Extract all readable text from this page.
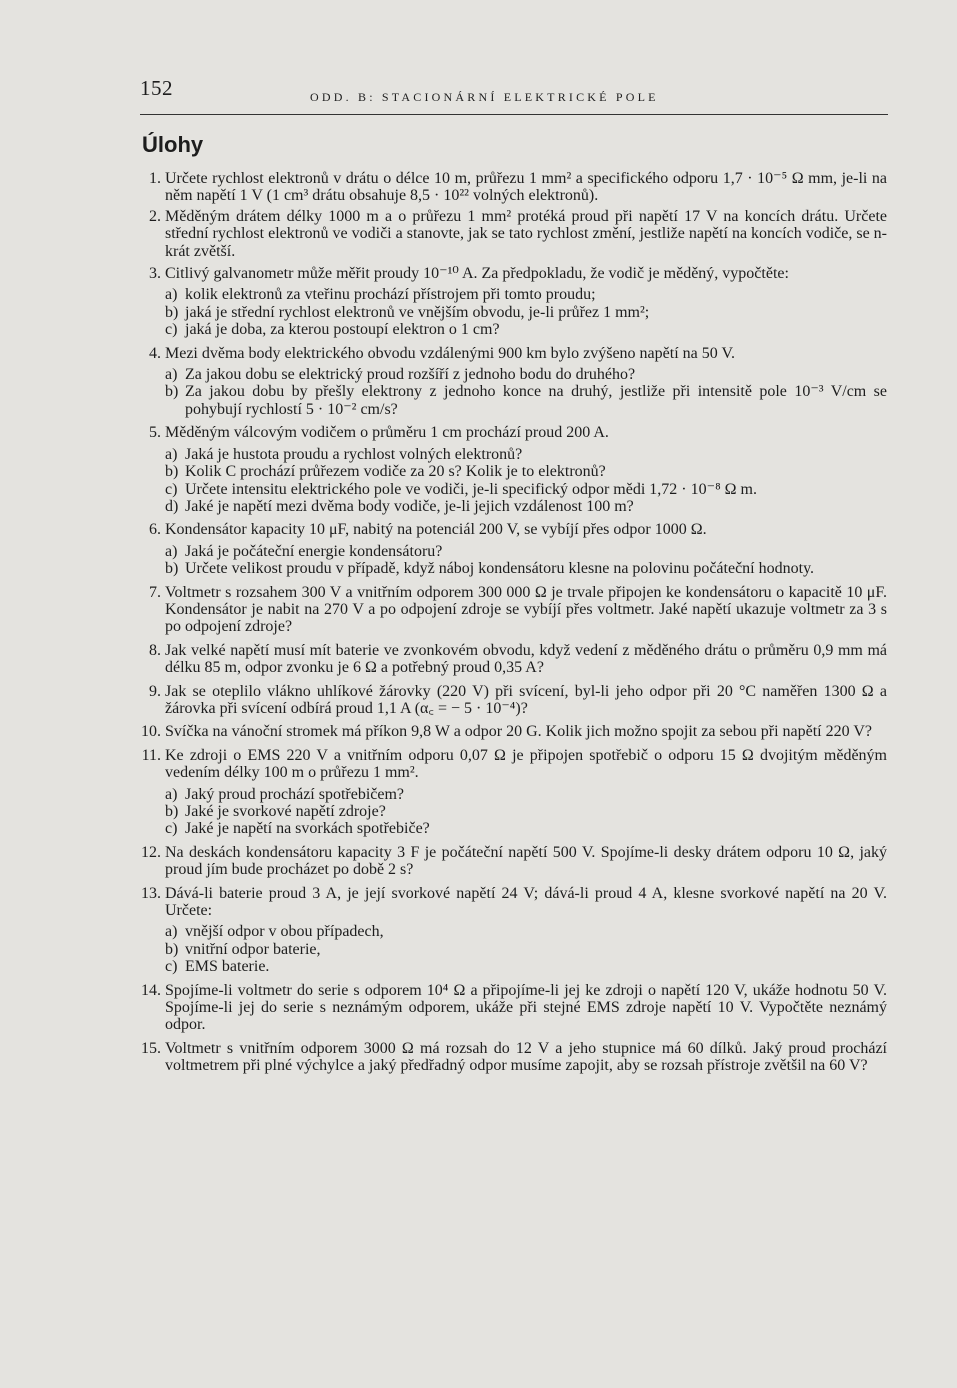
152	ODD. B: STACIONÁRNÍ ELEKTRICKÉ POLE
Úlohy
1. Určete rychlost elektronů v drátu o délce 10 m, průřezu 1 mm² a specifického odporu 1,7 · 10⁻⁵ Ω mm, je-li na něm napětí 1 V (1 cm³ drátu obsahuje 8,5 · 10²² volných elektronů).
2. Měděným drátem délky 1000 m a o průřezu 1 mm² protéká proud při napětí 17 V na koncích drátu. Určete střední rychlost elektronů ve vodiči a stanovte, jak se tato rychlost změní, jestliže napětí na koncích vodiče, se n-krát zvětší.
3. Citlivý galvanometr může měřit proudy 10⁻¹⁰ A. Za předpokladu, že vodič je měděný, vypočtěte:
a) kolik elektronů za vteřinu prochází přístrojem při tomto proudu;
b) jaká je střední rychlost elektronů ve vnějším obvodu, je-li průřez 1 mm²;
c) jaká je doba, za kterou postoupí elektron o 1 cm?
4. Mezi dvěma body elektrického obvodu vzdálenými 900 km bylo zvýšeno napětí na 50 V.
a) Za jakou dobu se elektrický proud rozšíří z jednoho bodu do druhého?
b) Za jakou dobu by přešly elektrony z jednoho konce na druhý, jestliže při intensitě pole 10⁻³ V/cm se pohybují rychlostí 5 · 10⁻² cm/s?
5. Měděným válcovým vodičem o průměru 1 cm prochází proud 200 A.
a) Jaká je hustota proudu a rychlost volných elektronů?
b) Kolik C prochází průřezem vodiče za 20 s? Kolik je to elektronů?
c) Určete intensitu elektrického pole ve vodiči, je-li specifický odpor mědi 1,72 · 10⁻⁸ Ω m.
d) Jaké je napětí mezi dvěma body vodiče, je-li jejich vzdálenost 100 m?
6. Kondensátor kapacity 10 μF, nabitý na potenciál 200 V, se vybíjí přes odpor 1000 Ω.
a) Jaká je počáteční energie kondensátoru?
b) Určete velikost proudu v případě, když náboj kondensátoru klesne na polovinu počáteční hodnoty.
7. Voltmetr s rozsahem 300 V a vnitřním odporem 300 000 Ω je trvale připojen ke kondensátoru o kapacitě 10 μF. Kondensátor je nabit na 270 V a po odpojení zdroje se vybíjí přes voltmetr. Jaké napětí ukazuje voltmetr za 3 s po odpojení zdroje?
8. Jak velké napětí musí mít baterie ve zvonkovém obvodu, když vedení z měděného drátu o průměru 0,9 mm má délku 85 m, odpor zvonku je 6 Ω a potřebný proud 0,35 A?
9. Jak se oteplilo vlákno uhlíkové žárovky (220 V) při svícení, byl-li jeho odpor při 20 °C naměřen 1300 Ω a žárovka při svícení odbírá proud 1,1 A (α꜀ = − 5 · 10⁻⁴)?
10. Svíčka na vánoční stromek má příkon 9,8 W a odpor 20 G. Kolik jich možno spojit za sebou při napětí 220 V?
11. Ke zdroji o EMS 220 V a vnitřním odporu 0,07 Ω je připojen spotřebič o odporu 15 Ω dvojitým měděným vedením délky 100 m o průřezu 1 mm².
a) Jaký proud prochází spotřebičem?
b) Jaké je svorkové napětí zdroje?
c) Jaké je napětí na svorkách spotřebiče?
12. Na deskách kondensátoru kapacity 3 F je počáteční napětí 500 V. Spojíme-li desky drátem odporu 10 Ω, jaký proud jím bude procházet po době 2 s?
13. Dává-li baterie proud 3 A, je její svorkové napětí 24 V; dává-li proud 4 A, klesne svorkové napětí na 20 V. Určete:
a) vnější odpor v obou případech,
b) vnitřní odpor baterie,
c) EMS baterie.
14. Spojíme-li voltmetr do serie s odporem 10⁴ Ω a připojíme-li jej ke zdroji o napětí 120 V, ukáže hodnotu 50 V. Spojíme-li jej do serie s neznámým odporem, ukáže při stejné EMS zdroje napětí 10 V. Vypočtěte neznámý odpor.
15. Voltmetr s vnitřním odporem 3000 Ω má rozsah do 12 V a jeho stupnice má 60 dílků. Jaký proud prochází voltmetrem při plné výchylce a jaký předřadný odpor musíme zapojit, aby se rozsah přístroje zvětšil na 60 V?
